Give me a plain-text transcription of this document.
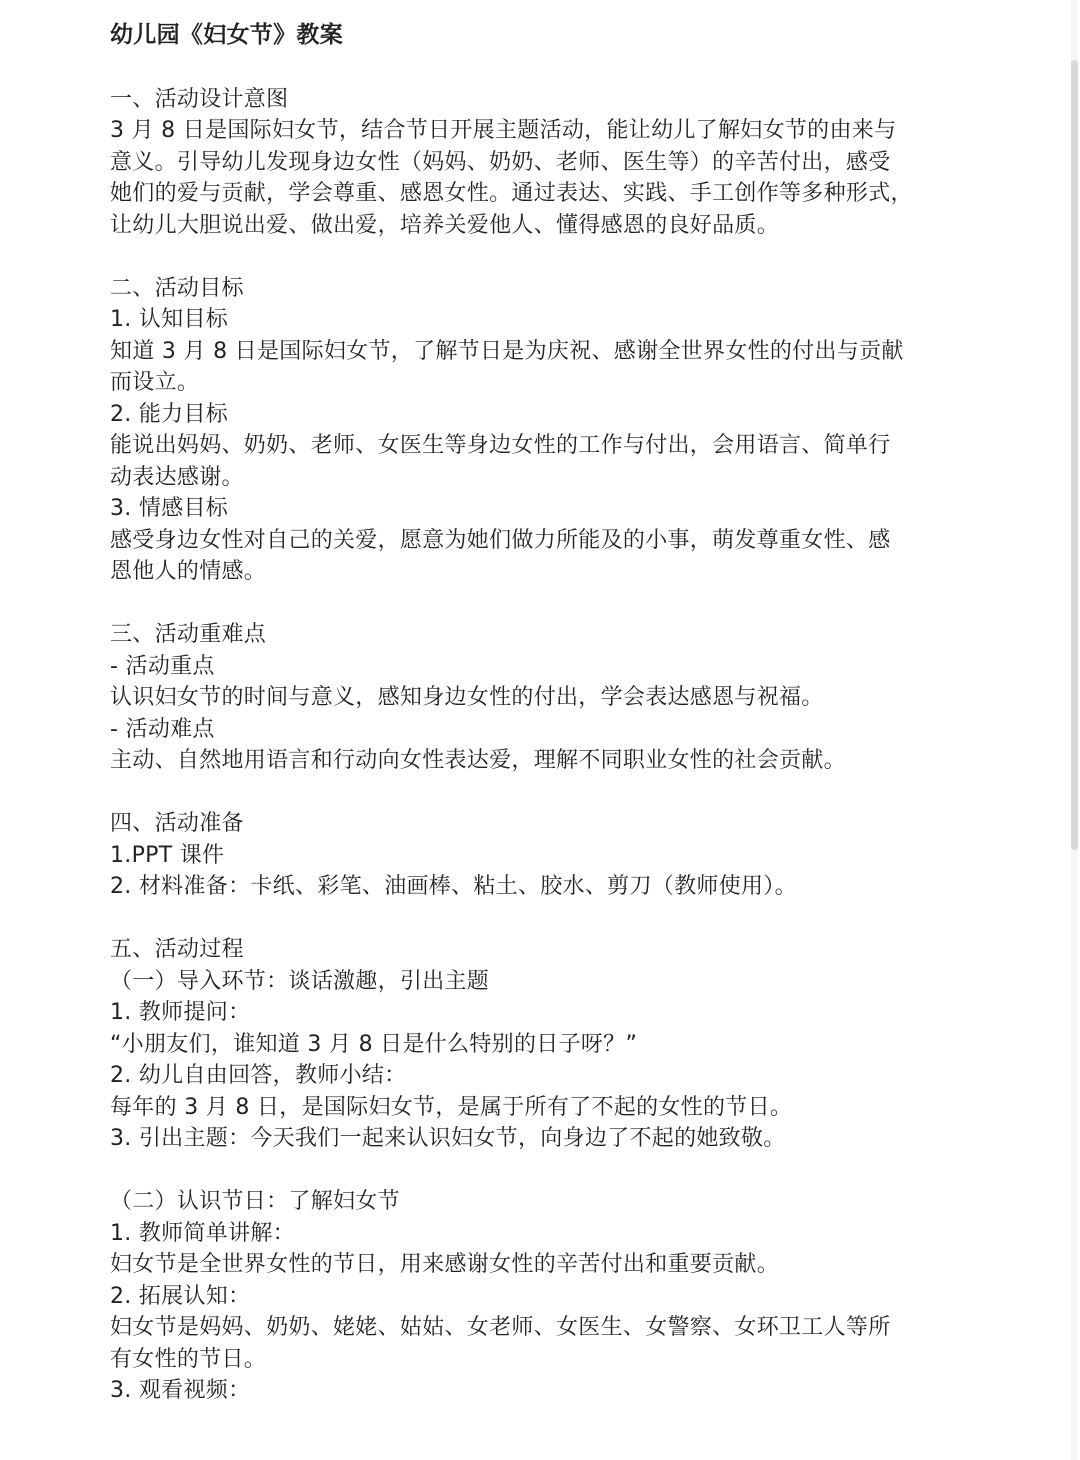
幼儿园《妇女节》教案
一、活动设计意图
3 月 8 日是国际妇女节，结合节日开展主题活动，能让幼儿了解妇女节的由来与
意义。引导幼儿发现身边女性（妈妈、奶奶、老师、医生等）的辛苦付出，感受
她们的爱与贡献，学会尊重、感恩女性。通过表达、实践、手工创作等多种形式，
让幼儿大胆说出爱、做出爱，培养关爱他人、懂得感恩的良好品质。
二、活动目标
1. 认知目标
知道 3 月 8 日是国际妇女节，了解节日是为庆祝、感谢全世界女性的付出与贡献
而设立。
2. 能力目标
能说出妈妈、奶奶、老师、女医生等身边女性的工作与付出，会用语言、简单行
动表达感谢。
3. 情感目标
感受身边女性对自己的关爱，愿意为她们做力所能及的小事，萌发尊重女性、感
恩他人的情感。
三、活动重难点
- 活动重点
认识妇女节的时间与意义，感知身边女性的付出，学会表达感恩与祝福。
- 活动难点
主动、自然地用语言和行动向女性表达爱，理解不同职业女性的社会贡献。
四、活动准备
1.PPT 课件
2. 材料准备：卡纸、彩笔、油画棒、粘土、胶水、剪刀（教师使用）。
五、活动过程
（一）导入环节：谈话激趣，引出主题
1. 教师提问：
“小朋友们，谁知道 3 月 8 日是什么特别的日子呀？”
2. 幼儿自由回答，教师小结：
每年的 3 月 8 日，是国际妇女节，是属于所有了不起的女性的节日。
3. 引出主题：今天我们一起来认识妇女节，向身边了不起的她致敬。
（二）认识节日：了解妇女节
1. 教师简单讲解：
妇女节是全世界女性的节日，用来感谢女性的辛苦付出和重要贡献。
2. 拓展认知：
妇女节是妈妈、奶奶、姥姥、姑姑、女老师、女医生、女警察、女环卫工人等所
有女性的节日。
3. 观看视频：
